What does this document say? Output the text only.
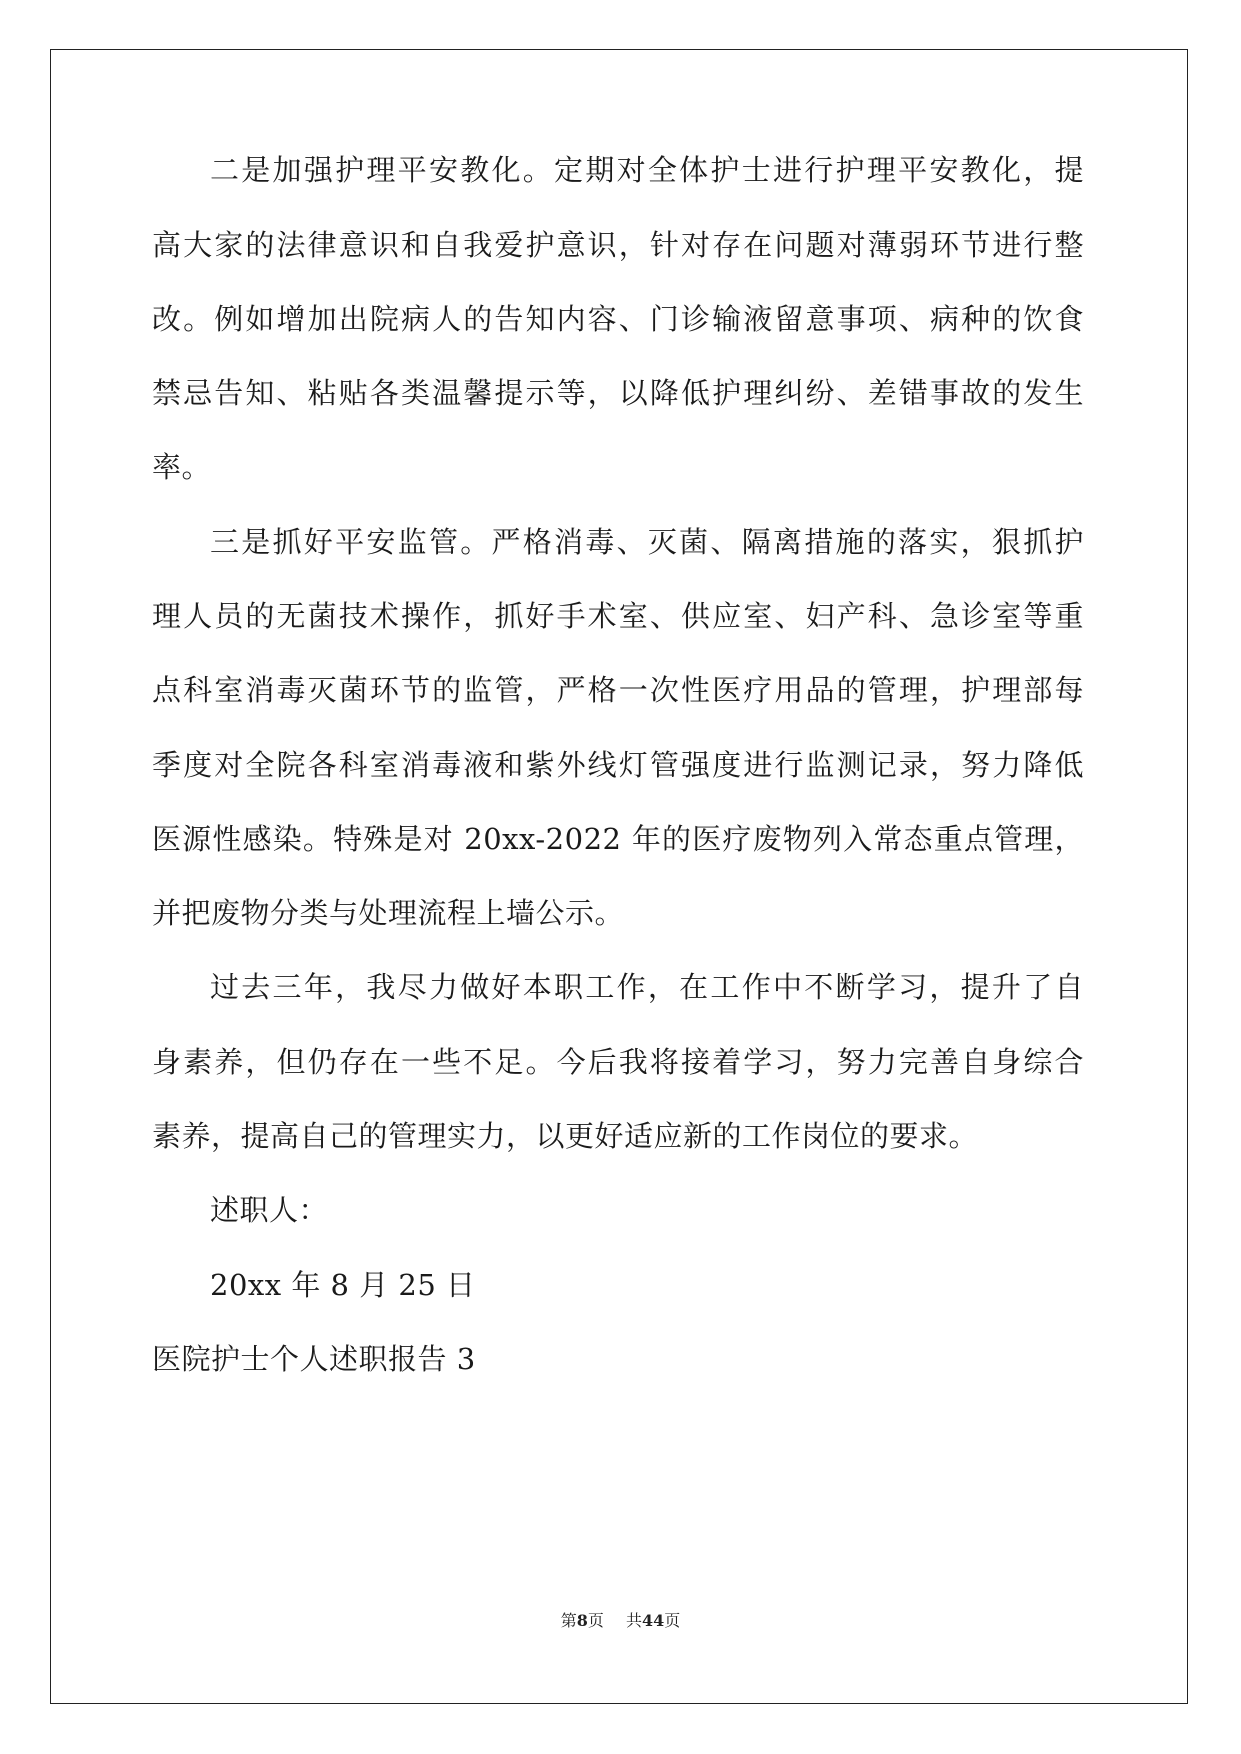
二是加强护理平安教化。定期对全体护士进行护理平安教化，提
高大家的法律意识和自我爱护意识，针对存在问题对薄弱环节进行整
改。例如增加出院病人的告知内容、门诊输液留意事项、病种的饮食
禁忌告知、粘贴各类温馨提示等，以降低护理纠纷、差错事故的发生
率。
三是抓好平安监管。严格消毒、灭菌、隔离措施的落实，狠抓护
理人员的无菌技术操作，抓好手术室、供应室、妇产科、急诊室等重
点科室消毒灭菌环节的监管，严格一次性医疗用品的管理，护理部每
季度对全院各科室消毒液和紫外线灯管强度进行监测记录，努力降低
医源性感染。特殊是对 20xx-2022 年的医疗废物列入常态重点管理，
并把废物分类与处理流程上墙公示。
过去三年，我尽力做好本职工作，在工作中不断学习，提升了自
身素养，但仍存在一些不足。今后我将接着学习，努力完善自身综合
素养，提高自己的管理实力，以更好适应新的工作岗位的要求。
述职人：
20xx 年 8 月 25 日
医院护士个人述职报告 3
第8页 共44页
